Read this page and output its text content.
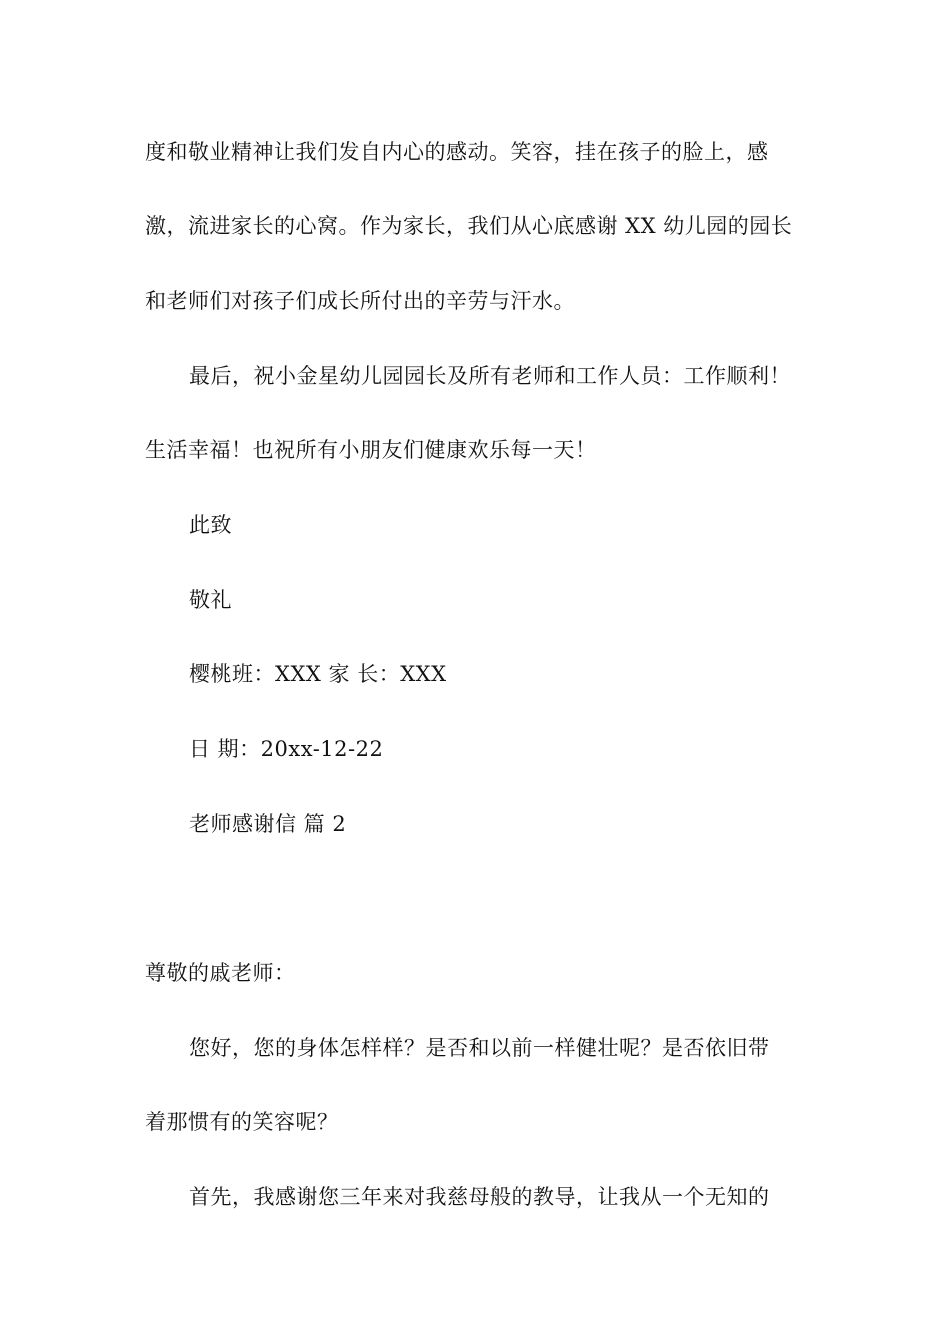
度和敬业精神让我们发自内心的感动。笑容，挂在孩子的脸上，感
激，流进家长的心窝。作为家长，我们从心底感谢 XX 幼儿园的园长
和老师们对孩子们成长所付出的辛劳与汗水。
最后，祝小金星幼儿园园长及所有老师和工作人员：工作顺利！
生活幸福！也祝所有小朋友们健康欢乐每一天！
此致
敬礼
樱桃班：XXX 家 长：XXX
日 期：20xx-12-22
老师感谢信 篇 2
尊敬的戚老师：
您好，您的身体怎样样？是否和以前一样健壮呢？是否依旧带
着那惯有的笑容呢？
首先，我感谢您三年来对我慈母般的教导，让我从一个无知的
